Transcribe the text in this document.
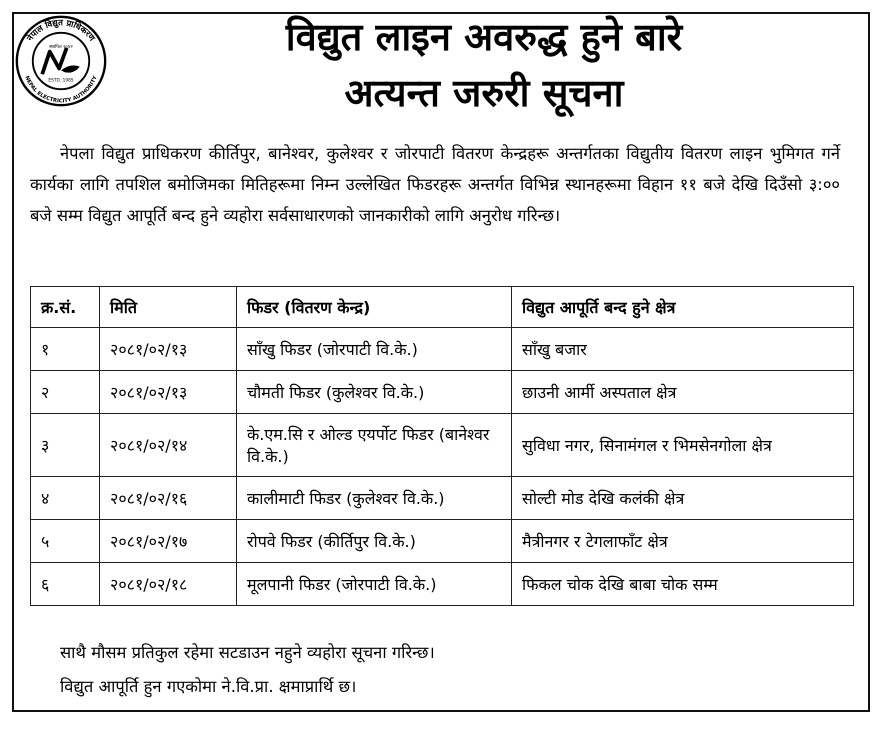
नेपाल विद्युत प्राधिकरण
NEPAL ELECTRICITY AUTHORITY
स्थापित २०४२
ESTD. 1985
विद्युत लाइन अवरुद्ध हुने बारे
अत्यन्त जरुरी सूचना
नेपला विद्युत प्राधिकरण कीर्तिपुर, बानेश्वर, कुलेश्वर र जोरपाटी वितरण केन्द्रहरू अन्तर्गतका विद्युतीय वितरण लाइन भुमिगत गर्ने कार्यका लागि तपशिल बमोजिमका मितिहरूमा निम्न उल्लेखित फिडरहरू अन्तर्गत विभिन्न स्थानहरूमा विहान ११ बजे देखि दिउँसो ३:०० बजे सम्म विद्युत आपूर्ति बन्द हुने व्यहोरा सर्वसाधारणको जानकारीको लागि अनुरोध गरिन्छ।
क्र.सं.	मिति	फिडर (वितरण केन्द्र)	विद्युत आपूर्ति बन्द हुने क्षेत्र
१	२०८१/०२/१३	साँखु फिडर (जोरपाटी वि.के.)	साँखु बजार
२	२०८१/०२/१३	चौमती फिडर (कुलेश्वर वि.के.)	छाउनी आर्मी अस्पताल क्षेत्र
३	२०८१/०२/१४	के.एम.सि र ओल्ड एयर्पोट फिडर (बानेश्वर वि.के.)	सुविधा नगर, सिनामंगल र भिमसेनगोला क्षेत्र
४	२०८१/०२/१६	कालीमाटी फिडर (कुलेश्वर वि.के.)	सोल्टी मोड देखि कलंकी क्षेत्र
५	२०८१/०२/१७	रोपवे फिडर (कीर्तिपुर वि.के.)	मैत्रीनगर र टेगलाफाँट क्षेत्र
६	२०८१/०२/१८	मूलपानी फिडर (जोरपाटी वि.के.)	फिकल चोक देखि बाबा चोक सम्म
साथै मौसम प्रतिकुल रहेमा सटडाउन नहुने व्यहोरा सूचना गरिन्छ।
विद्युत आपूर्ति हुन गएकोमा ने.वि.प्रा. क्षमाप्रार्थि छ।
